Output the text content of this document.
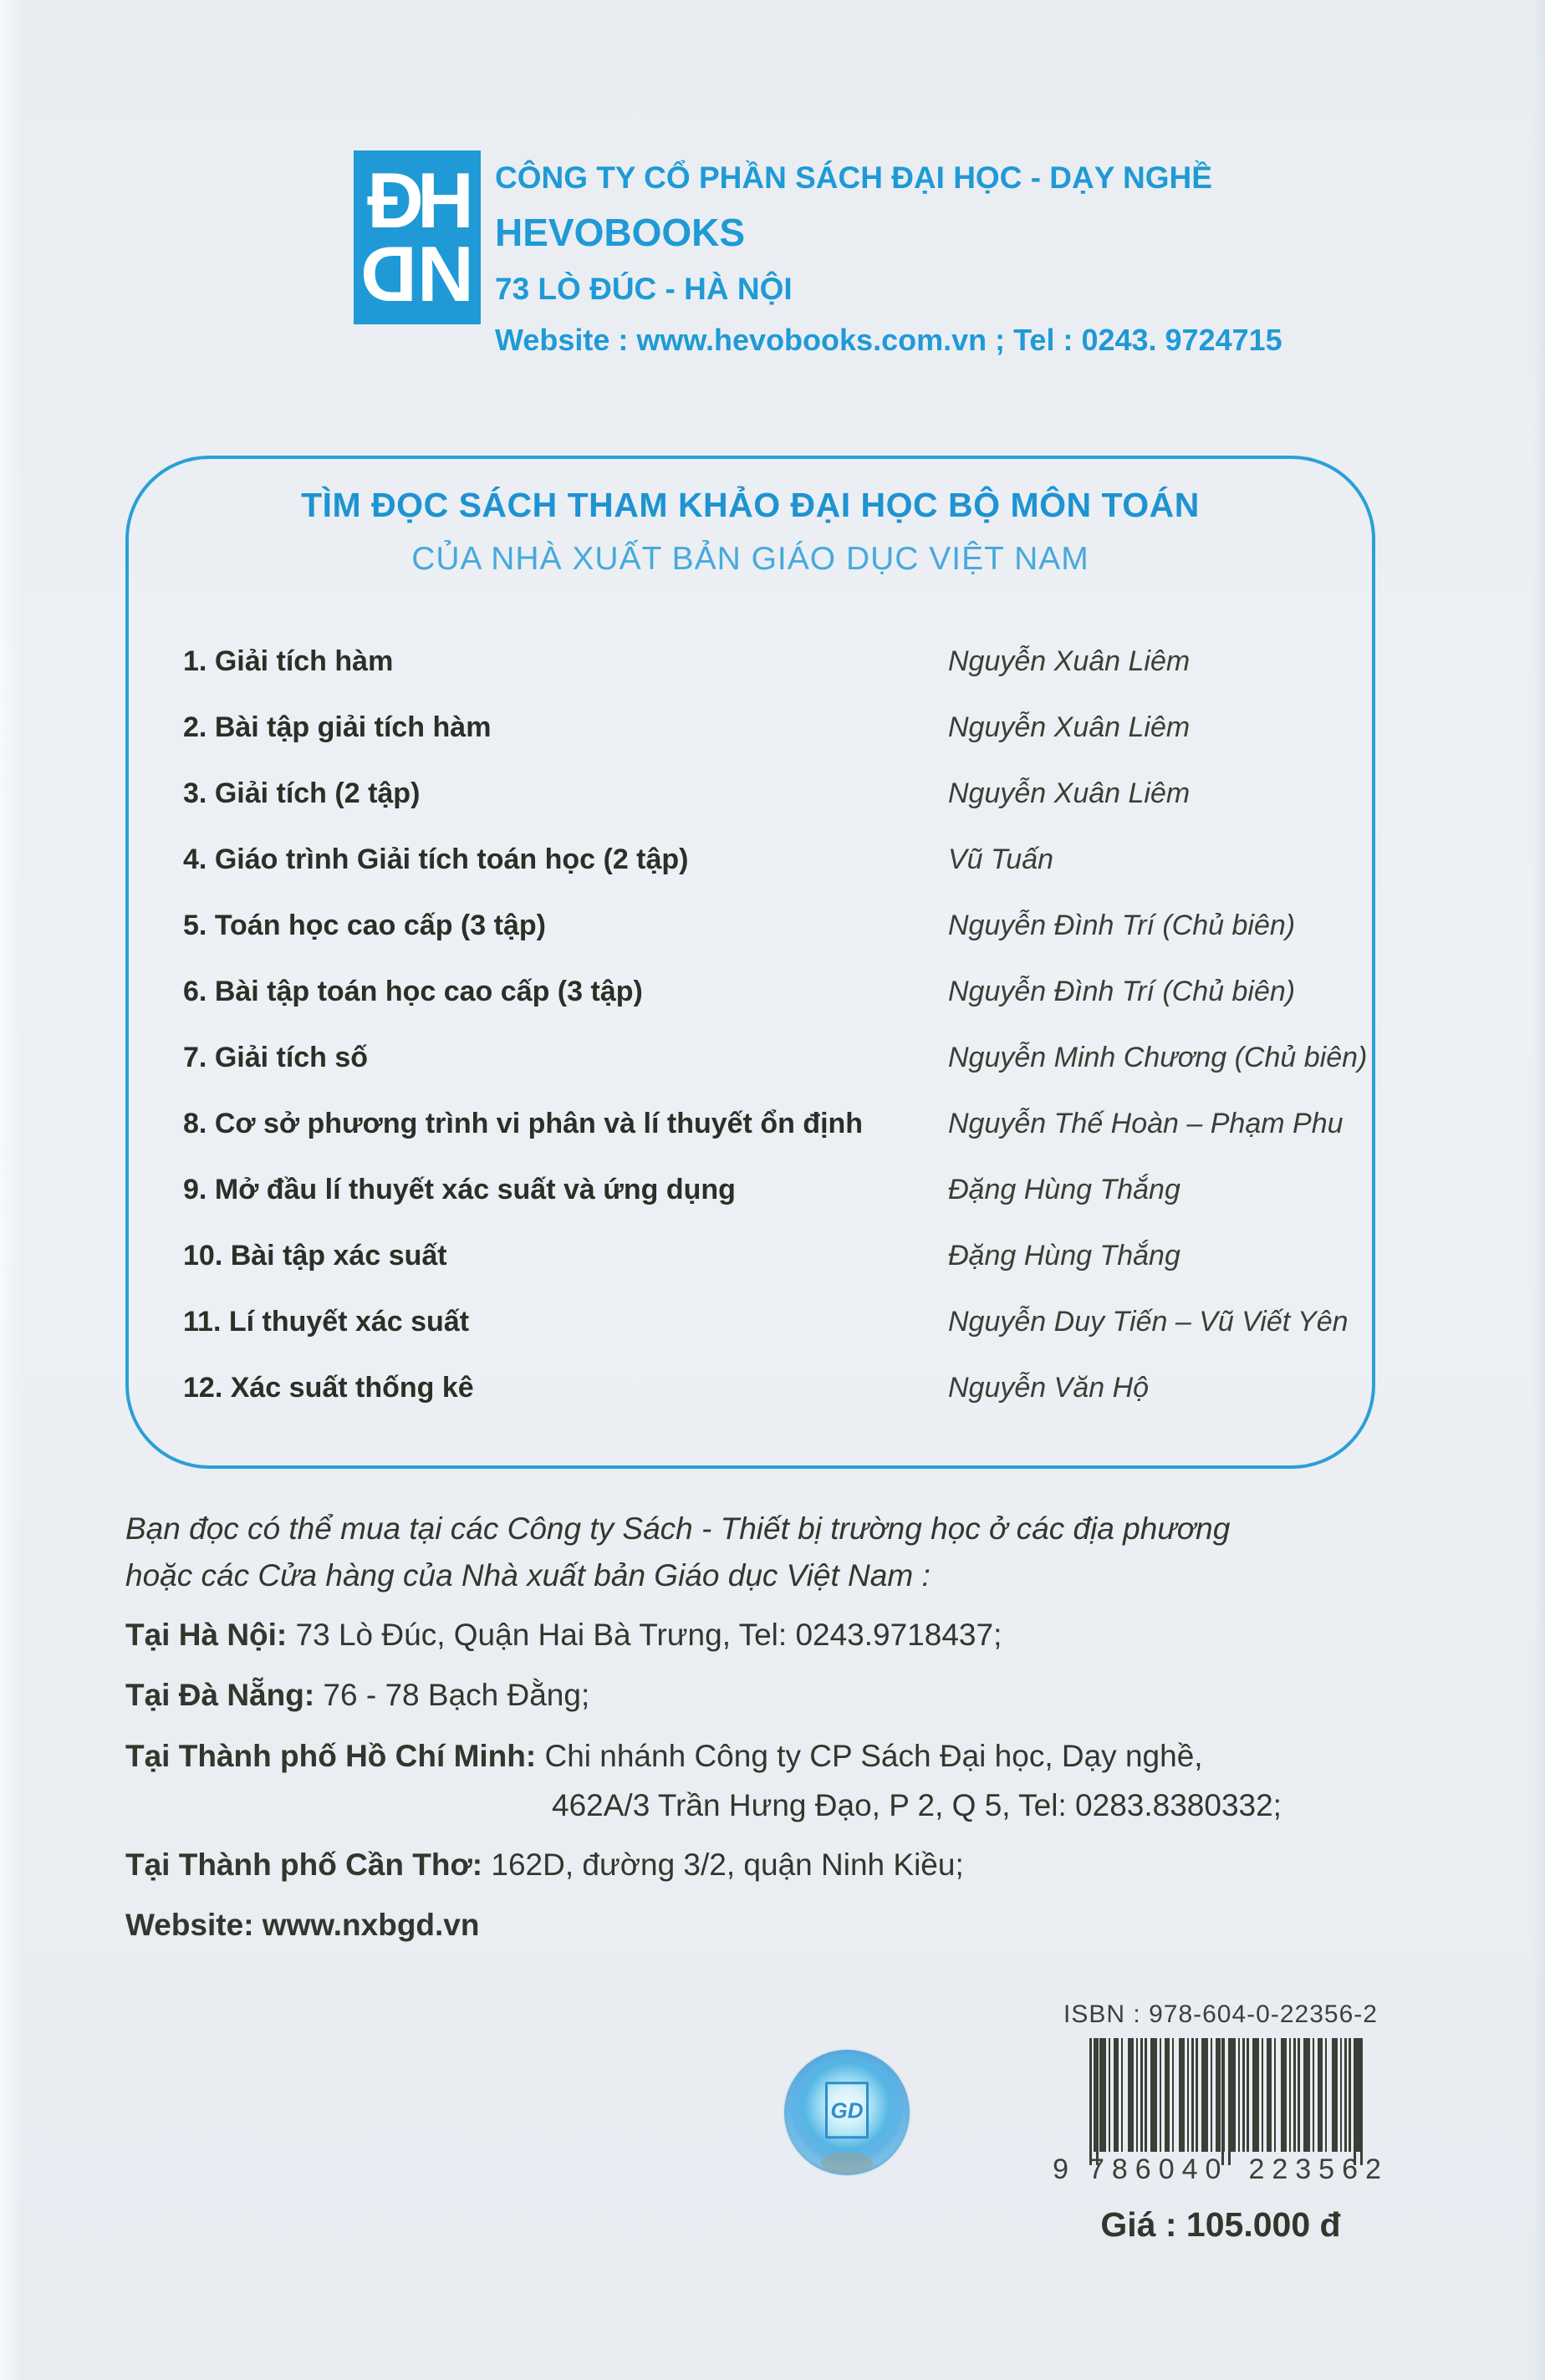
ĐH
DN
CÔNG TY CỔ PHẦN SÁCH ĐẠI HỌC - DẠY NGHỀ
HEVOBOOKS
73 LÒ ĐÚC - HÀ NỘI
Website : www.hevobooks.com.vn ; Tel : 0243. 9724715
TÌM ĐỌC SÁCH THAM KHẢO ĐẠI HỌC BỘ MÔN TOÁN
CỦA NHÀ XUẤT BẢN GIÁO DỤC VIỆT NAM
1. Giải tích hàm	Nguyễn Xuân Liêm
2. Bài tập giải tích hàm	Nguyễn Xuân Liêm
3. Giải tích (2 tập)	Nguyễn Xuân Liêm
4. Giáo trình Giải tích toán học (2 tập)	Vũ Tuấn
5. Toán học cao cấp (3 tập)	Nguyễn Đình Trí (Chủ biên)
6. Bài tập toán học cao cấp (3 tập)	Nguyễn Đình Trí (Chủ biên)
7. Giải tích số	Nguyễn Minh Chương (Chủ biên)
8. Cơ sở phương trình vi phân và lí thuyết ổn định	Nguyễn Thế Hoàn – Phạm Phu
9. Mở đầu lí thuyết xác suất và ứng dụng	Đặng Hùng Thắng
10. Bài tập xác suất	Đặng Hùng Thắng
11. Lí thuyết xác suất	Nguyễn Duy Tiến – Vũ Viết Yên
12. Xác suất thống kê	Nguyễn Văn Hộ
Bạn đọc có thể mua tại các Công ty Sách - Thiết bị trường học ở các địa phương
hoặc các Cửa hàng của Nhà xuất bản Giáo dục Việt Nam :
Tại Hà Nội: 73 Lò Đúc, Quận Hai Bà Trưng, Tel: 0243.9718437;
Tại Đà Nẵng: 76 - 78 Bạch Đằng;
Tại Thành phố Hồ Chí Minh: Chi nhánh Công ty CP Sách Đại học, Dạy nghề,
462A/3 Trần Hưng Đạo, P 2, Q 5, Tel: 0283.8380332;
Tại Thành phố Cần Thơ: 162D, đường 3/2, quận Ninh Kiều;
Website: www.nxbgd.vn
GD
ISBN : 978-604-0-22356-2
9 786040 223562
Giá : 105.000 đ
